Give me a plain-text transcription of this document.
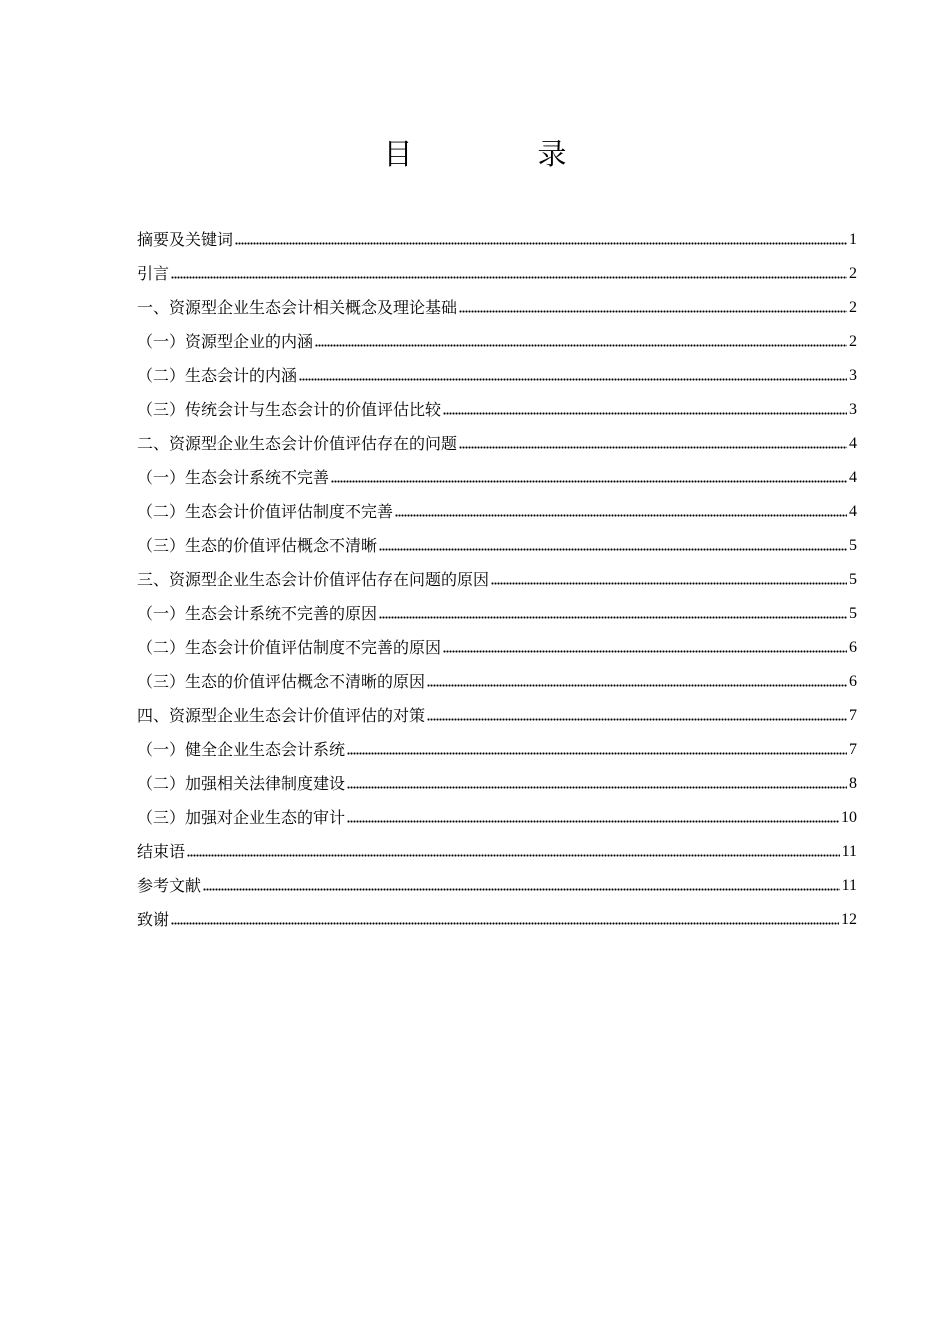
目　录
摘要及关键词	1
引言	2
一、资源型企业生态会计相关概念及理论基础	2
（一）资源型企业的内涵	2
（二）生态会计的内涵	3
（三）传统会计与生态会计的价值评估比较	3
二、资源型企业生态会计价值评估存在的问题	4
（一）生态会计系统不完善	4
（二）生态会计价值评估制度不完善	4
（三）生态的价值评估概念不清晰	5
三、资源型企业生态会计价值评估存在问题的原因	5
（一）生态会计系统不完善的原因	5
（二）生态会计价值评估制度不完善的原因	6
（三）生态的价值评估概念不清晰的原因	6
四、资源型企业生态会计价值评估的对策	7
（一）健全企业生态会计系统	7
（二）加强相关法律制度建设	8
（三）加强对企业生态的审计	10
结束语	11
参考文献	11
致谢	12
